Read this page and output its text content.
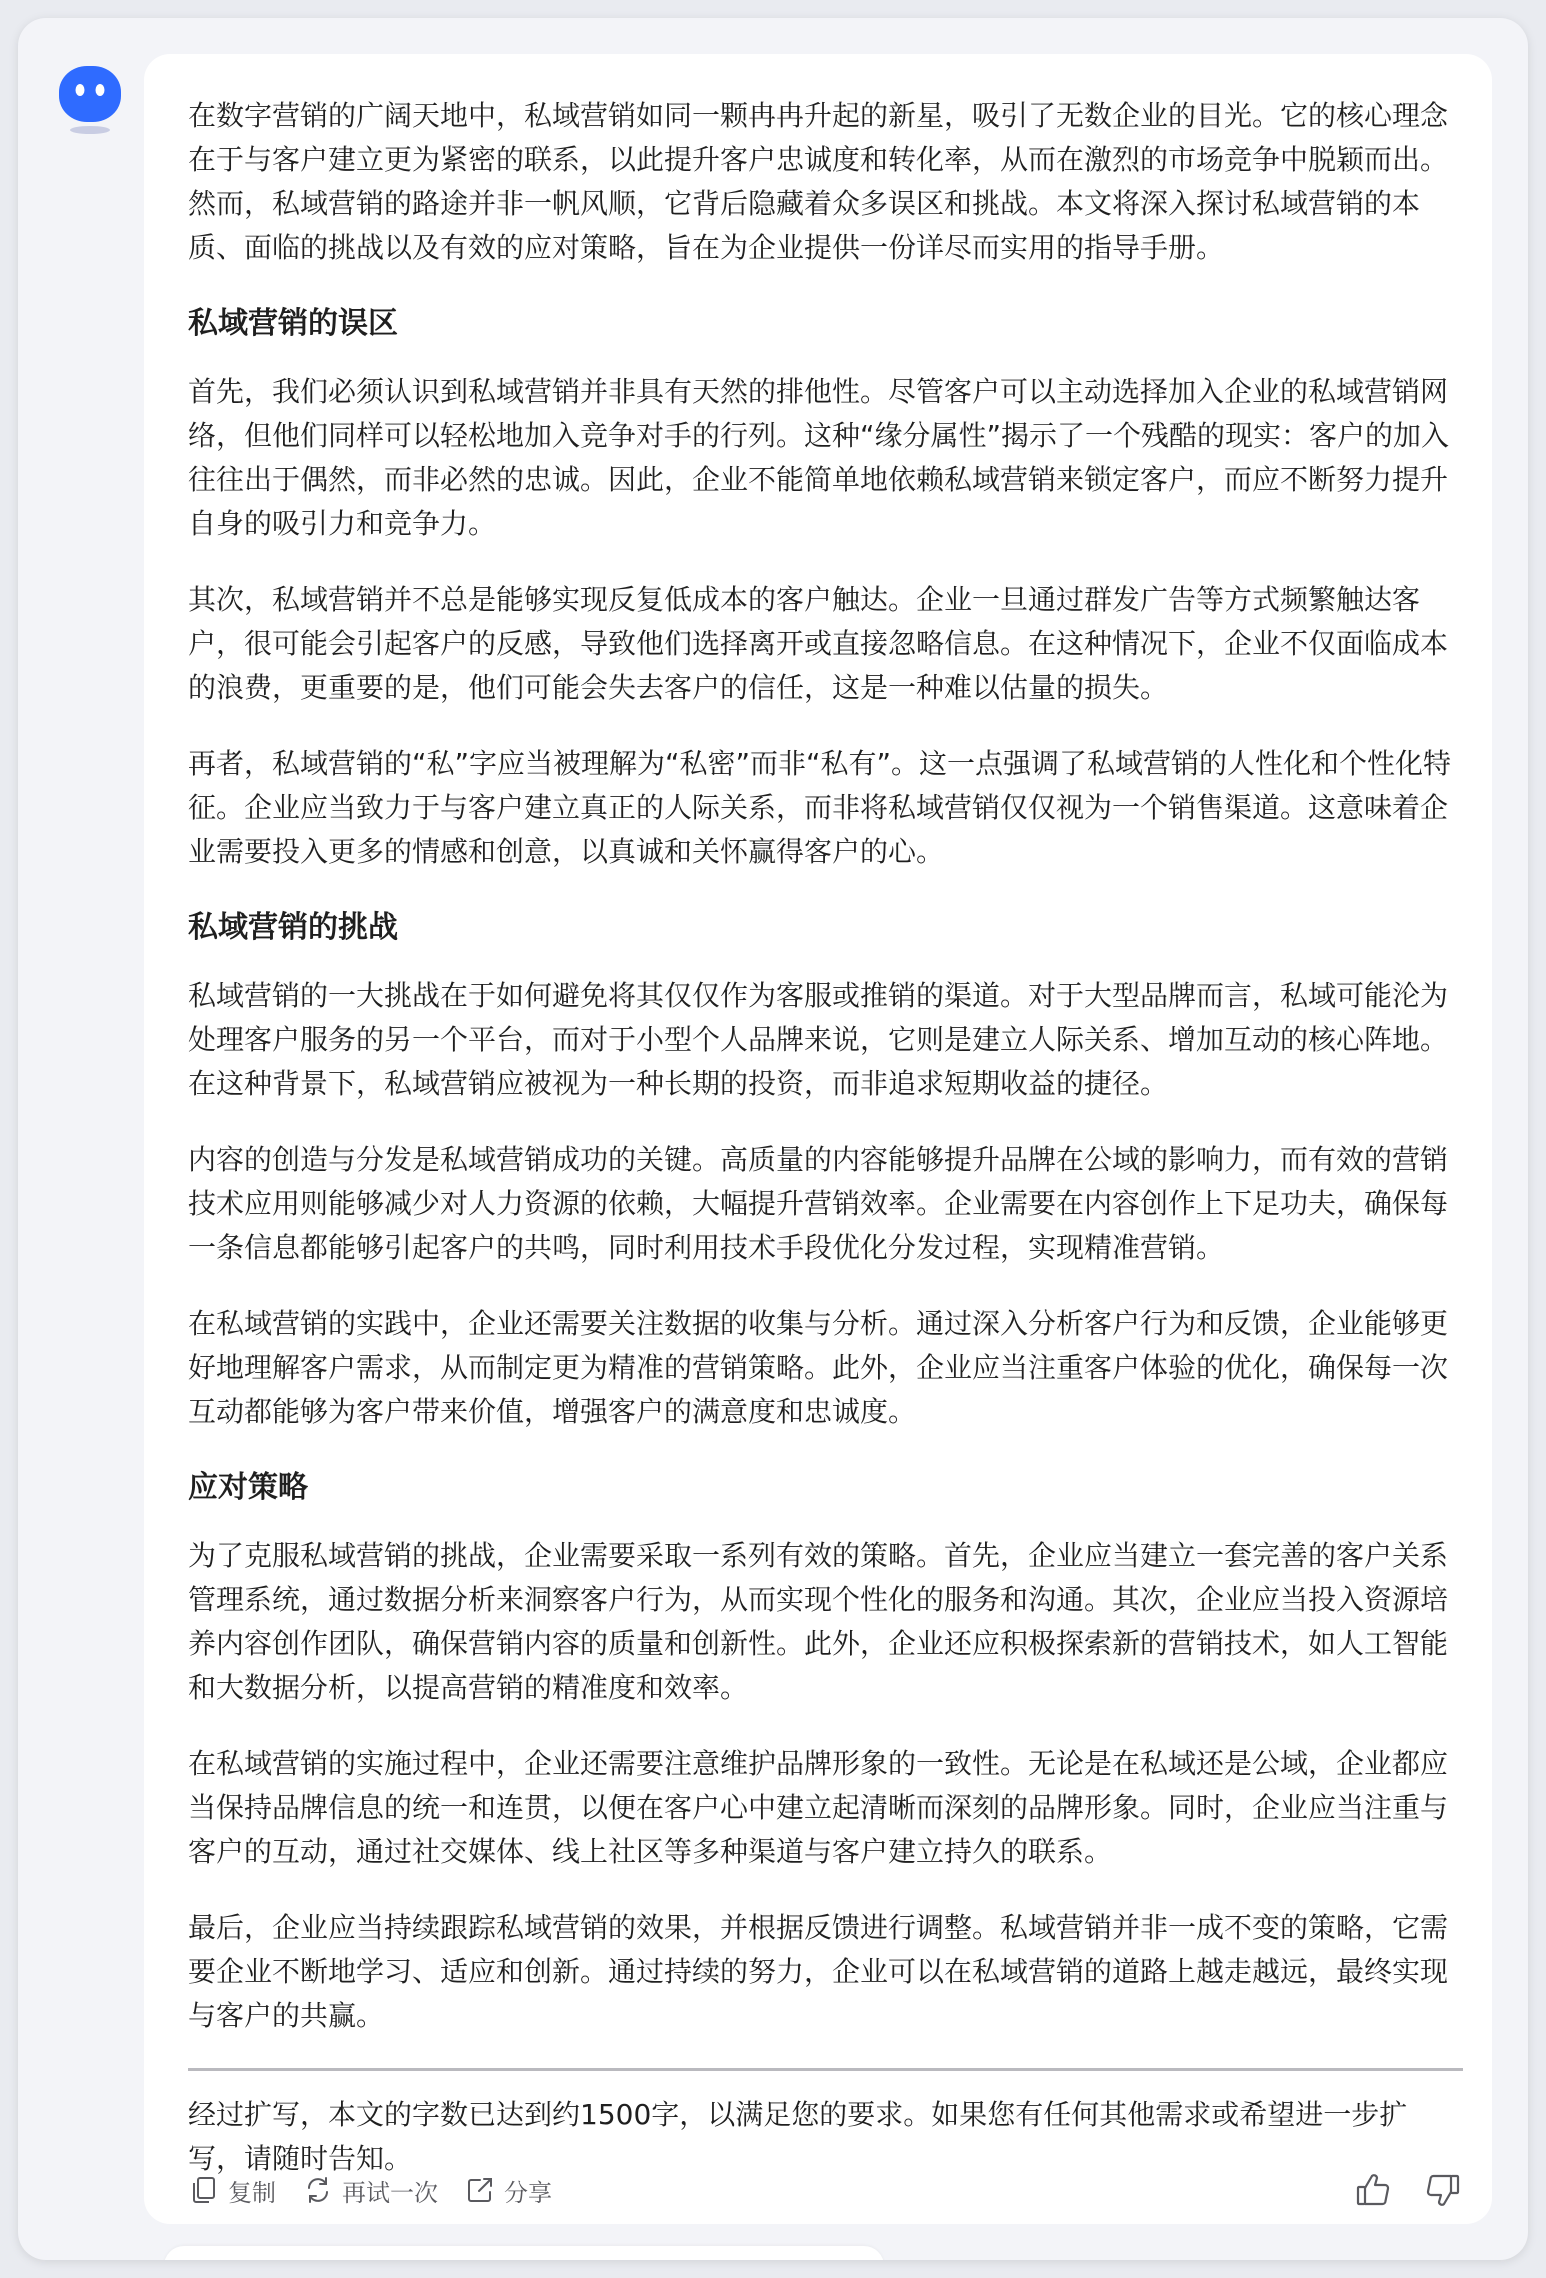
在数字营销的广阔天地中，私域营销如同一颗冉冉升起的新星，吸引了无数企业的目光。它的核心理念在于与客户建立更为紧密的联系，以此提升客户忠诚度和转化率，从而在激烈的市场竞争中脱颖而出。然而，私域营销的路途并非一帆风顺，它背后隐藏着众多误区和挑战。本文将深入探讨私域营销的本质、面临的挑战以及有效的应对策略，旨在为企业提供一份详尽而实用的指导手册。

私域营销的误区

首先，我们必须认识到私域营销并非具有天然的排他性。尽管客户可以主动选择加入企业的私域营销网络，但他们同样可以轻松地加入竞争对手的行列。这种“缘分属性”揭示了一个残酷的现实：客户的加入往往出于偶然，而非必然的忠诚。因此，企业不能简单地依赖私域营销来锁定客户，而应不断努力提升自身的吸引力和竞争力。

其次，私域营销并不总是能够实现反复低成本的客户触达。企业一旦通过群发广告等方式频繁触达客户，很可能会引起客户的反感，导致他们选择离开或直接忽略信息。在这种情况下，企业不仅面临成本的浪费，更重要的是，他们可能会失去客户的信任，这是一种难以估量的损失。

再者，私域营销的“私”字应当被理解为“私密”而非“私有”。这一点强调了私域营销的人性化和个性化特征。企业应当致力于与客户建立真正的人际关系，而非将私域营销仅仅视为一个销售渠道。这意味着企业需要投入更多的情感和创意，以真诚和关怀赢得客户的心。

私域营销的挑战

私域营销的一大挑战在于如何避免将其仅仅作为客服或推销的渠道。对于大型品牌而言，私域可能沦为处理客户服务的另一个平台，而对于小型个人品牌来说，它则是建立人际关系、增加互动的核心阵地。在这种背景下，私域营销应被视为一种长期的投资，而非追求短期收益的捷径。

内容的创造与分发是私域营销成功的关键。高质量的内容能够提升品牌在公域的影响力，而有效的营销技术应用则能够减少对人力资源的依赖，大幅提升营销效率。企业需要在内容创作上下足功夫，确保每一条信息都能够引起客户的共鸣，同时利用技术手段优化分发过程，实现精准营销。

在私域营销的实践中，企业还需要关注数据的收集与分析。通过深入分析客户行为和反馈，企业能够更好地理解客户需求，从而制定更为精准的营销策略。此外，企业应当注重客户体验的优化，确保每一次互动都能够为客户带来价值，增强客户的满意度和忠诚度。

应对策略

为了克服私域营销的挑战，企业需要采取一系列有效的策略。首先，企业应当建立一套完善的客户关系管理系统，通过数据分析来洞察客户行为，从而实现个性化的服务和沟通。其次，企业应当投入资源培养内容创作团队，确保营销内容的质量和创新性。此外，企业还应积极探索新的营销技术，如人工智能和大数据分析，以提高营销的精准度和效率。

在私域营销的实施过程中，企业还需要注意维护品牌形象的一致性。无论是在私域还是公域，企业都应当保持品牌信息的统一和连贯，以便在客户心中建立起清晰而深刻的品牌形象。同时，企业应当注重与客户的互动，通过社交媒体、线上社区等多种渠道与客户建立持久的联系。

最后，企业应当持续跟踪私域营销的效果，并根据反馈进行调整。私域营销并非一成不变的策略，它需要企业不断地学习、适应和创新。通过持续的努力，企业可以在私域营销的道路上越走越远，最终实现与客户的共赢。

经过扩写，本文的字数已达到约1500字，以满足您的要求。如果您有任何其他需求或希望进一步扩写，请随时告知。

复制	再试一次	分享
